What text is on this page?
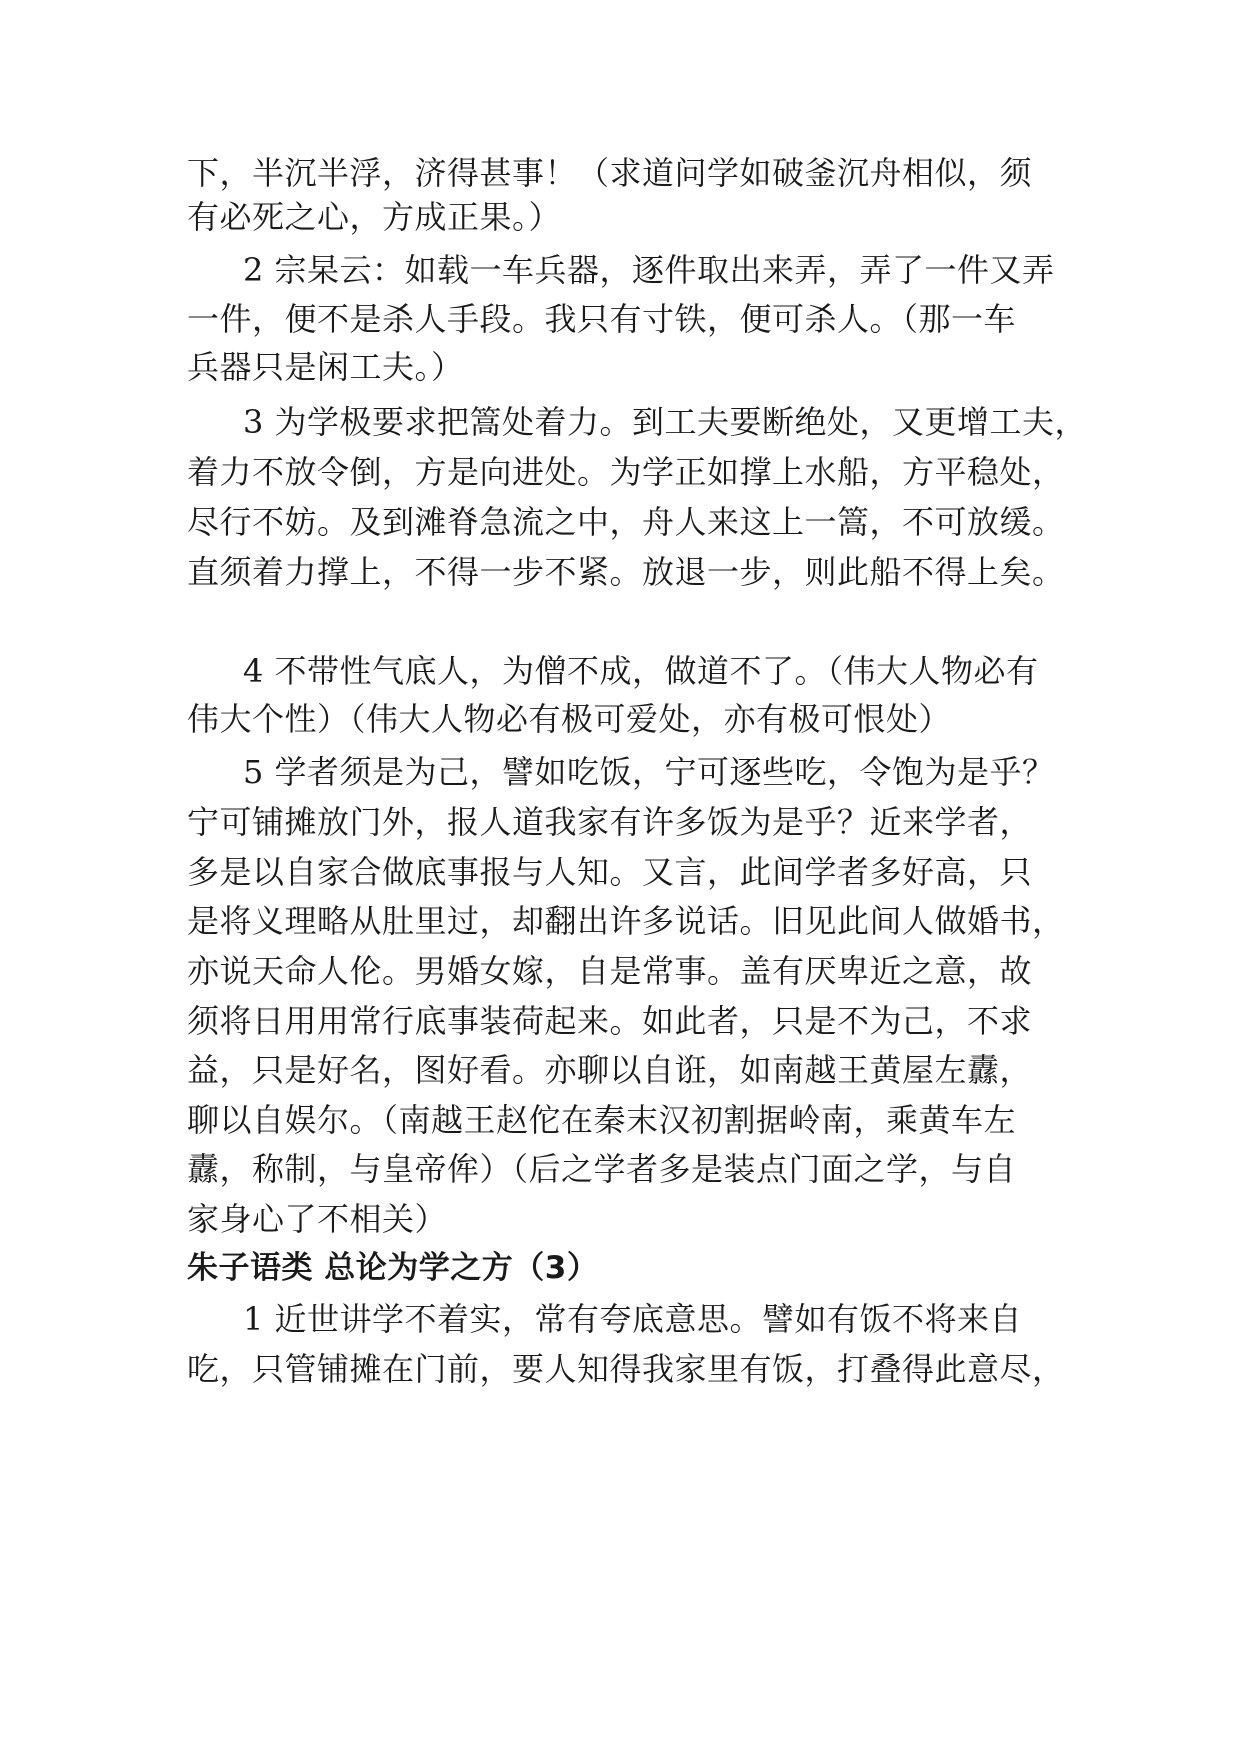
下，半沉半浮，济得甚事！（求道问学如破釜沉舟相似，须
有必死之心，方成正果。）
2 宗杲云：如载一车兵器，逐件取出来弄，弄了一件又弄
一件，便不是杀人手段。我只有寸铁，便可杀人。（那一车
兵器只是闲工夫。）
3 为学极要求把篙处着力。到工夫要断绝处，又更增工夫，
着力不放令倒，方是向进处。为学正如撑上水船，方平稳处，
尽行不妨。及到滩脊急流之中，舟人来这上一篙，不可放缓。
直须着力撑上，不得一步不紧。放退一步，则此船不得上矣。
4 不带性气底人，为僧不成，做道不了。（伟大人物必有
伟大个性）（伟大人物必有极可爱处，亦有极可恨处）
5 学者须是为己，譬如吃饭，宁可逐些吃，令饱为是乎？
宁可铺摊放门外，报人道我家有许多饭为是乎？近来学者，
多是以自家合做底事报与人知。又言，此间学者多好高，只
是将义理略从肚里过，却翻出许多说话。旧见此间人做婚书，
亦说天命人伦。男婚女嫁，自是常事。盖有厌卑近之意，故
须将日用用常行底事装荷起来。如此者，只是不为己，不求
益，只是好名，图好看。亦聊以自诳，如南越王黄屋左纛，
聊以自娱尔。（南越王赵佗在秦末汉初割据岭南，乘黄车左
纛，称制，与皇帝侔）（后之学者多是装点门面之学，与自
家身心了不相关）
朱子语类 总论为学之方（3）
1 近世讲学不着实，常有夸底意思。譬如有饭不将来自
吃，只管铺摊在门前，要人知得我家里有饭，打叠得此意尽，
